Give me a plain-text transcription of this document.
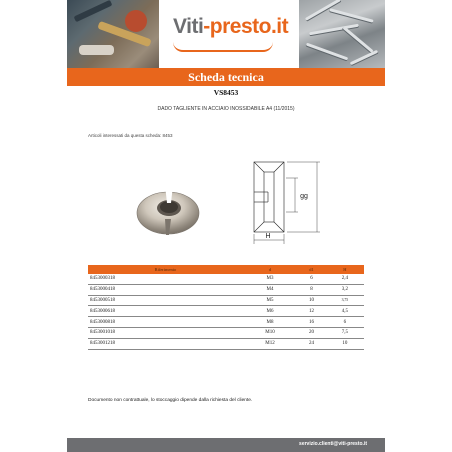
Viti-presto.it
Scheda tecnica
VS8453
DADO TAGLIENTE IN ACCIAIO INOSSIDABILE A4 (11/2015)
Articoli interessati da questa scheda: 8453
H
gg
Riferimento	d	d1	H
8453000318	M3	6	2,4
8453000418	M4	8	3,2
8453000518	M5	10	3,75
8453000618	M6	12	4,5
8453000818	M8	16	6
8453001018	M10	20	7,5
8453001218	M12	24	10
Documento non contrattuale, lo stoccaggio dipende dalla richiesta del cliente.
servizio.clienti@viti-presto.it
